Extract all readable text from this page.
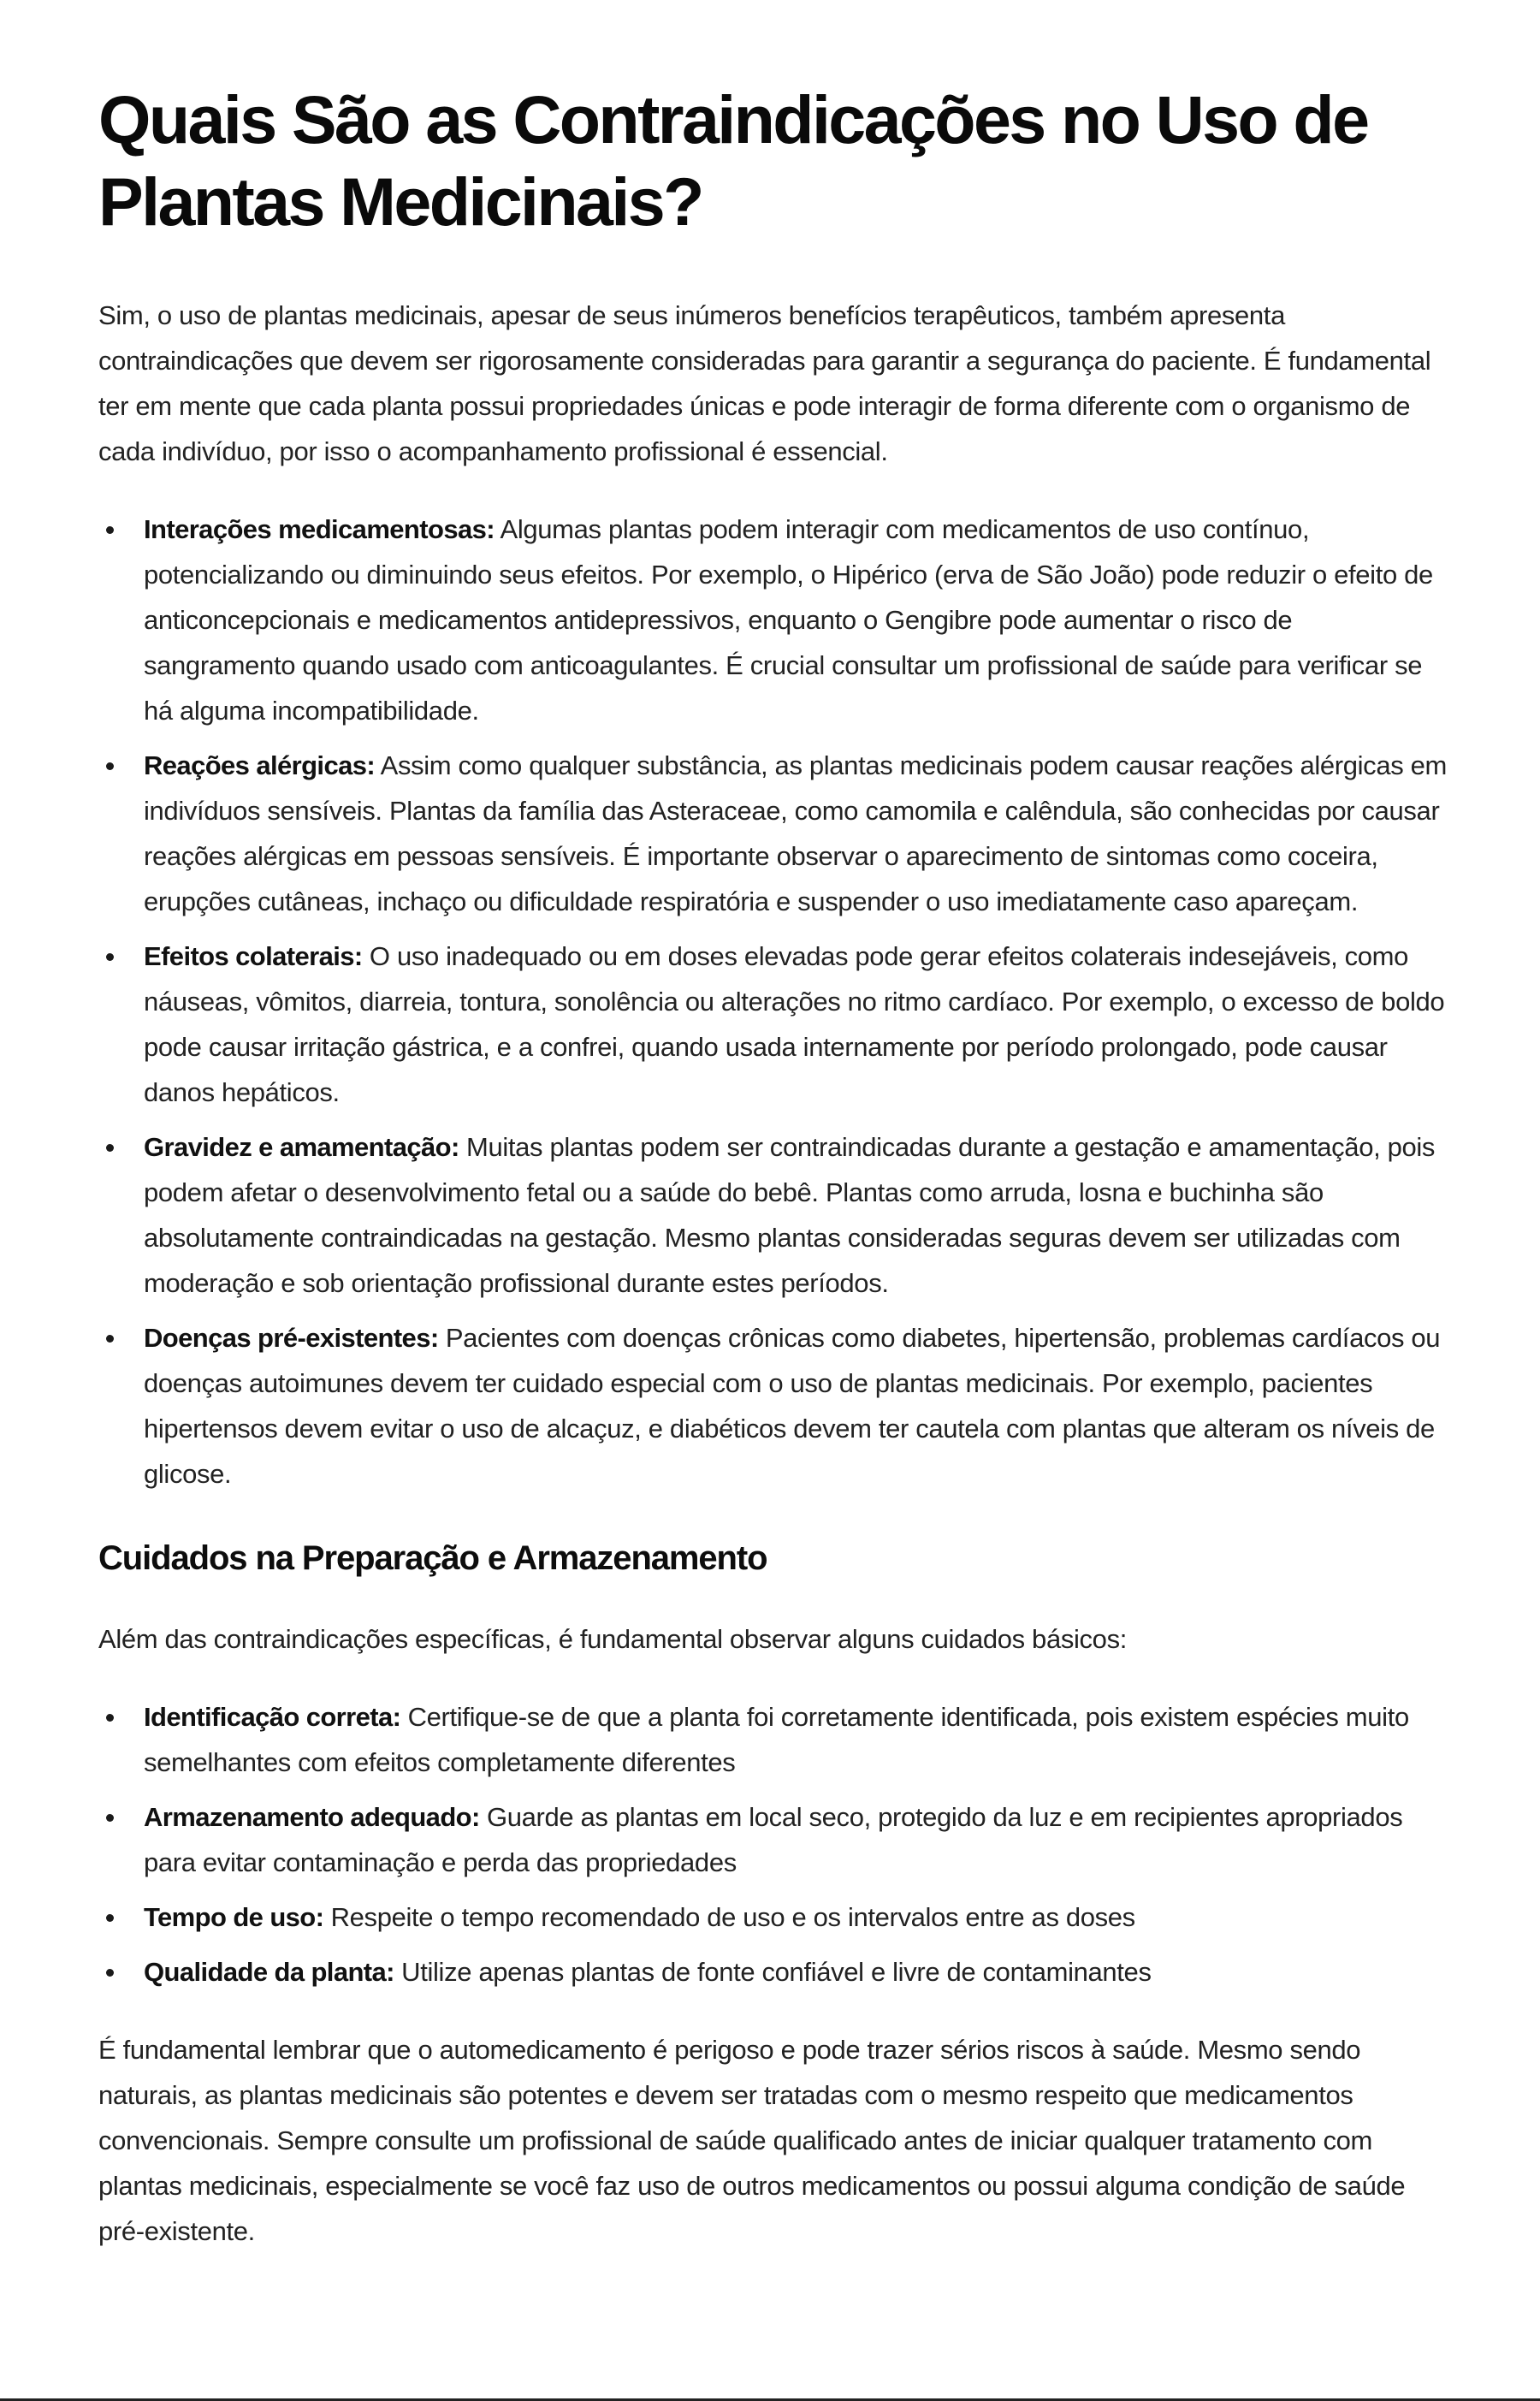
Quais São as Contraindicações no Uso de Plantas Medicinais?

Sim, o uso de plantas medicinais, apesar de seus inúmeros benefícios terapêuticos, também apresenta contraindicações que devem ser rigorosamente consideradas para garantir a segurança do paciente. É fundamental ter em mente que cada planta possui propriedades únicas e pode interagir de forma diferente com o organismo de cada indivíduo, por isso o acompanhamento profissional é essencial.

Interações medicamentosas: Algumas plantas podem interagir com medicamentos de uso contínuo, potencializando ou diminuindo seus efeitos. Por exemplo, o Hipérico (erva de São João) pode reduzir o efeito de anticoncepcionais e medicamentos antidepressivos, enquanto o Gengibre pode aumentar o risco de sangramento quando usado com anticoagulantes. É crucial consultar um profissional de saúde para verificar se há alguma incompatibilidade.
Reações alérgicas: Assim como qualquer substância, as plantas medicinais podem causar reações alérgicas em indivíduos sensíveis. Plantas da família das Asteraceae, como camomila e calêndula, são conhecidas por causar reações alérgicas em pessoas sensíveis. É importante observar o aparecimento de sintomas como coceira, erupções cutâneas, inchaço ou dificuldade respiratória e suspender o uso imediatamente caso apareçam.
Efeitos colaterais: O uso inadequado ou em doses elevadas pode gerar efeitos colaterais indesejáveis, como náuseas, vômitos, diarreia, tontura, sonolência ou alterações no ritmo cardíaco. Por exemplo, o excesso de boldo pode causar irritação gástrica, e a confrei, quando usada internamente por período prolongado, pode causar danos hepáticos.
Gravidez e amamentação: Muitas plantas podem ser contraindicadas durante a gestação e amamentação, pois podem afetar o desenvolvimento fetal ou a saúde do bebê. Plantas como arruda, losna e buchinha são absolutamente contraindicadas na gestação. Mesmo plantas consideradas seguras devem ser utilizadas com moderação e sob orientação profissional durante estes períodos.
Doenças pré-existentes: Pacientes com doenças crônicas como diabetes, hipertensão, problemas cardíacos ou doenças autoimunes devem ter cuidado especial com o uso de plantas medicinais. Por exemplo, pacientes hipertensos devem evitar o uso de alcaçuz, e diabéticos devem ter cautela com plantas que alteram os níveis de glicose.
Cuidados na Preparação e Armazenamento

Além das contraindicações específicas, é fundamental observar alguns cuidados básicos:

Identificação correta: Certifique-se de que a planta foi corretamente identificada, pois existem espécies muito semelhantes com efeitos completamente diferentes
Armazenamento adequado: Guarde as plantas em local seco, protegido da luz e em recipientes apropriados para evitar contaminação e perda das propriedades
Tempo de uso: Respeite o tempo recomendado de uso e os intervalos entre as doses
Qualidade da planta: Utilize apenas plantas de fonte confiável e livre de contaminantes

É fundamental lembrar que o automedicamento é perigoso e pode trazer sérios riscos à saúde. Mesmo sendo naturais, as plantas medicinais são potentes e devem ser tratadas com o mesmo respeito que medicamentos convencionais. Sempre consulte um profissional de saúde qualificado antes de iniciar qualquer tratamento com plantas medicinais, especialmente se você faz uso de outros medicamentos ou possui alguma condição de saúde pré-existente.
